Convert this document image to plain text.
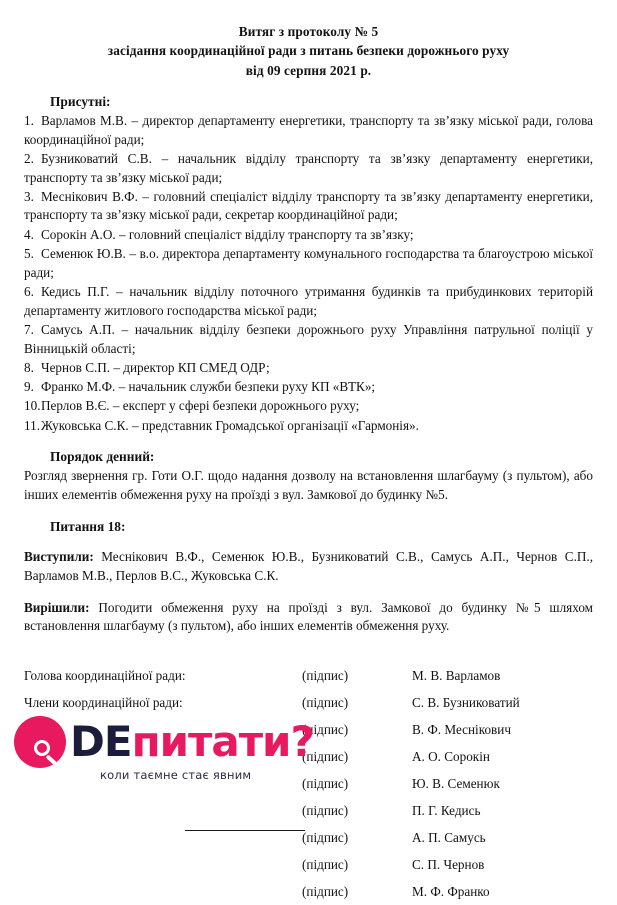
Витяг з протоколу № 5
засідання координаційної ради з питань безпеки дорожнього руху
від 09 серпня 2021 р.
Присутні:
1. Варламов М.В. – директор департаменту енергетики, транспорту та зв’язку міської ради, голова координаційної ради;
2. Бузниковатий С.В. – начальник відділу транспорту та зв’язку департаменту енергетики, транспорту та зв’язку міської ради;
3. Меснікович В.Ф. – головний спеціаліст відділу транспорту та зв’язку департаменту енергетики, транспорту та зв’язку міської ради, секретар координаційної ради;
4. Сорокін А.О. – головний спеціаліст відділу транспорту та зв’язку;
5. Семенюк Ю.В. – в.о. директора департаменту комунального господарства та благоустрою міської ради;
6. Кедись П.Г. – начальник відділу поточного утримання будинків та прибудинкових територій департаменту житлового господарства міської ради;
7. Самусь А.П. – начальник відділу безпеки дорожнього руху Управління патрульної поліції у Вінницькій області;
8. Чернов С.П. – директор КП СМЕД ОДР;
9. Франко М.Ф. – начальник служби безпеки руху КП «ВТК»;
10.Перлов В.Є. – експерт у сфері безпеки дорожнього руху;
11.Жуковська С.К. – представник Громадської організації «Гармонія».
Порядок денний:

Розгляд звернення гр. Готи О.Г. щодо надання дозволу на встановлення шлагбауму (з пультом), або інших елементів обмеження руху на проїзді з вул. Замкової до будинку №5.

Питання 18:

Виступили: Меснікович В.Ф., Семенюк Ю.В., Бузниковатий С.В., Самусь А.П., Чернов С.П., Варламов М.В., Перлов В.С., Жуковська С.К.

Вирішили: Погодити обмеження руху на проїзді з вул. Замкової до будинку №5 шляхом встановлення шлагбауму (з пультом), або інших елементів обмеження руху.

Голова координаційної ради:	(підпис)	М. В. Варламов
Члени координаційної ради:	(підпис)	С. В. Бузниковатий
	(підпис)	В. Ф. Меснікович
	(підпис)	А. О. Сорокін
	(підпис)	Ю. В. Семенюк
	(підпис)	П. Г. Кедись
	(підпис)	А. П. Самусь
	(підпис)	С. П. Чернов
	(підпис)	М. Ф. Франко
DEпитати?
коли таємне стає явним
